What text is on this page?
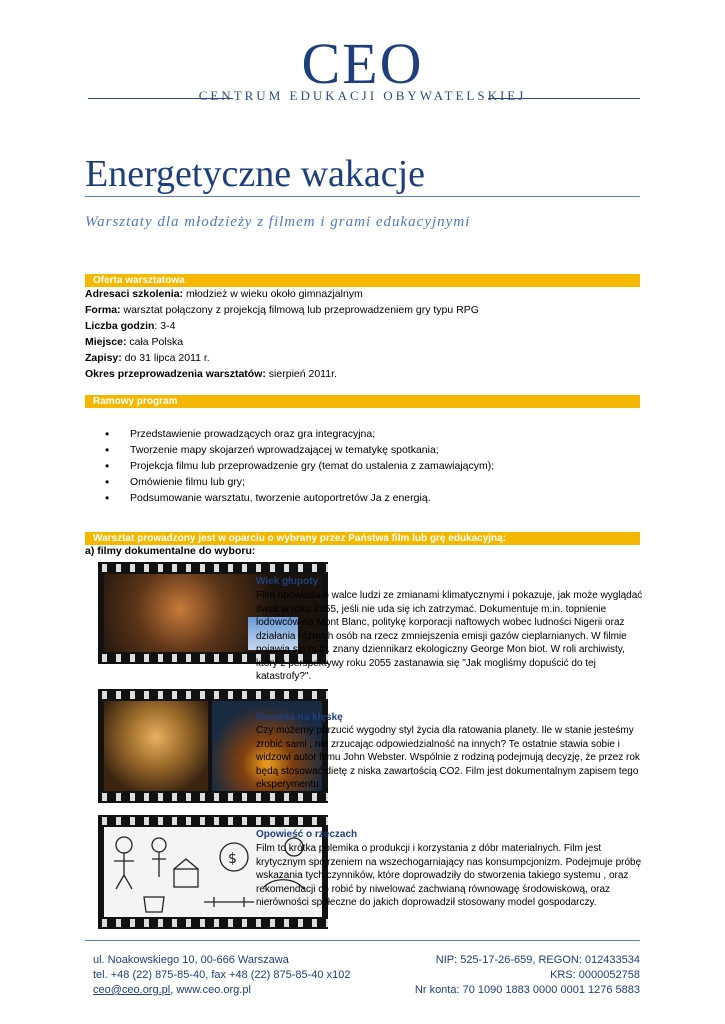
CEO
CENTRUM EDUKACJI OBYWATELSKIEJ
Energetyczne wakacje
Warsztaty dla młodzieży z filmem i grami edukacyjnymi
Oferta warsztatowa
Adresaci szkolenia: młodzież w wieku około gimnazjalnym
Forma: warsztat połączony z projekcją filmową lub przeprowadzeniem gry typu RPG
Liczba godzin: 3-4
Miejsce: cała Polska
Zapisy: do 31 lipca 2011 r.
Okres przeprowadzenia warsztatów: sierpień 2011r.
Ramowy program
• Przedstawienie prowadzących oraz gra integracyjna;
• Tworzenie mapy skojarzeń wprowadzającej w tematykę spotkania;
• Projekcja filmu lub przeprowadzenie gry (temat do ustalenia z zamawiającym);
• Omówienie filmu lub gry;
• Podsumowanie warsztatu, tworzenie autoportretów Ja z energią.
Warsztat prowadzony jest w oparciu o wybrany przez Państwa film lub grę edukacyjną:
a) filmy dokumentalne do wyboru:
Wiek głupoty
Film opowiada o walce ludzi ze zmianami klimatycznymi i pokazuje, jak może wyglądać świat w roku 2055, jeśli nie uda się ich zatrzymać. Dokumentuje m.in. topnienie lodowców na Mont Blanc, politykę korporacji naftowych wobec ludności Nigerii oraz działania różnych osób na rzecz zmniejszenia emisji gazów cieplarnianych. W filmie pojawia się m.in. znany dziennikarz ekologiczny George Mon biot. W roli archiwisty, który z perspektywy roku 2055 zastanawia się "Jak mogliśmy dopuścić do tej katastrofy?".
Recepta na klęskę
Czy możemy porzucić wygodny styl życia dla ratowania planety. Ile w stanie jesteśmy zrobić sami , nie zrzucając odpowiedzialność na innych? Te ostatnie stawia sobie i widzowi autor filmu John Webster. Wspólnie z rodziną podejmują decyzję, że przez rok będą stosować dietę z niska zawartością CO2. Film jest dokumentalnym zapisem tego eksperymentu
$
Opowieść o rzeczach
Film to krótka polemika o produkcji i korzystania z dóbr materialnych. Film jest krytycznym spojrzeniem na wszechogarniający nas konsumpcjonizm. Podejmuje próbę wskazania tych czynników, które doprowadziły do stworzenia takiego systemu , oraz rekomendacji co robić by niwelować zachwianą równowagę środowiskową, oraz nierówności społeczne do jakich doprowadził stosowany model gospodarczy.
ul. Noakowskiego 10, 00-666 Warszawa
tel. +48 (22) 875-85-40, fax +48 (22) 875-85-40 x102
ceo@ceo.org.pl, www.ceo.org.pl
NIP: 525-17-26-659, REGON: 012433534
KRS: 0000052758
Nr konta: 70 1090 1883 0000 0001 1276 5883
